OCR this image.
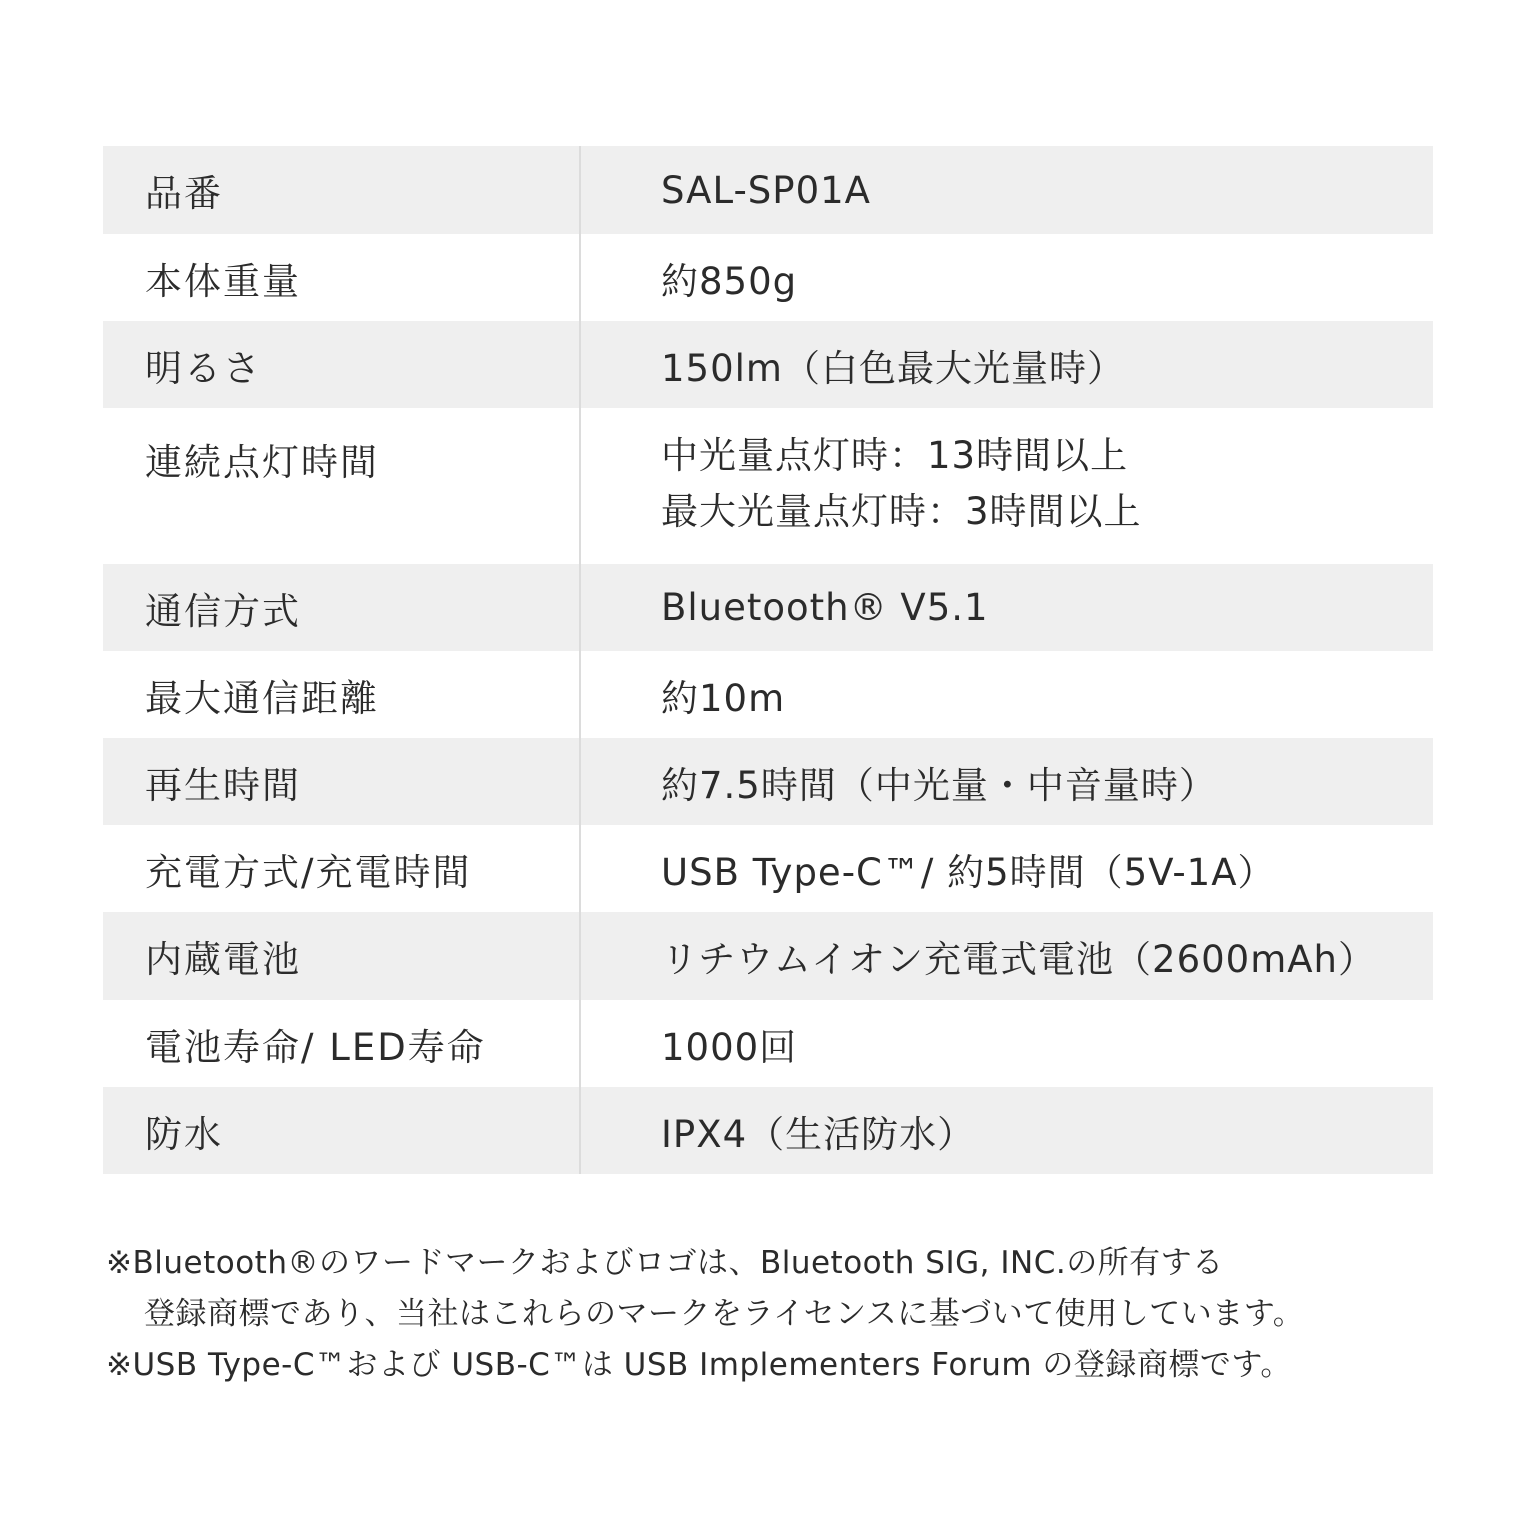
品番	SAL-SP01A
本体重量	約850g
明るさ	150lm（白色最大光量時）
連続点灯時間	中光量点灯時：13時間以上
最大光量点灯時：3時間以上
通信方式	Bluetooth® V5.1
最大通信距離	約10m
再生時間	約7.5時間（中光量・中音量時）
充電方式/充電時間	USB Type-C™/ 約5時間（5V-1A）
内蔵電池	リチウムイオン充電式電池（2600mAh）
電池寿命/ LED寿命	1000回
防水	IPX4（生活防水）
※Bluetooth®のワードマークおよびロゴは、Bluetooth SIG, INC.の所有する
登録商標であり、当社はこれらのマークをライセンスに基づいて使用しています。
※USB Type-C™および USB-C™は USB Implementers Forum の登録商標です。
